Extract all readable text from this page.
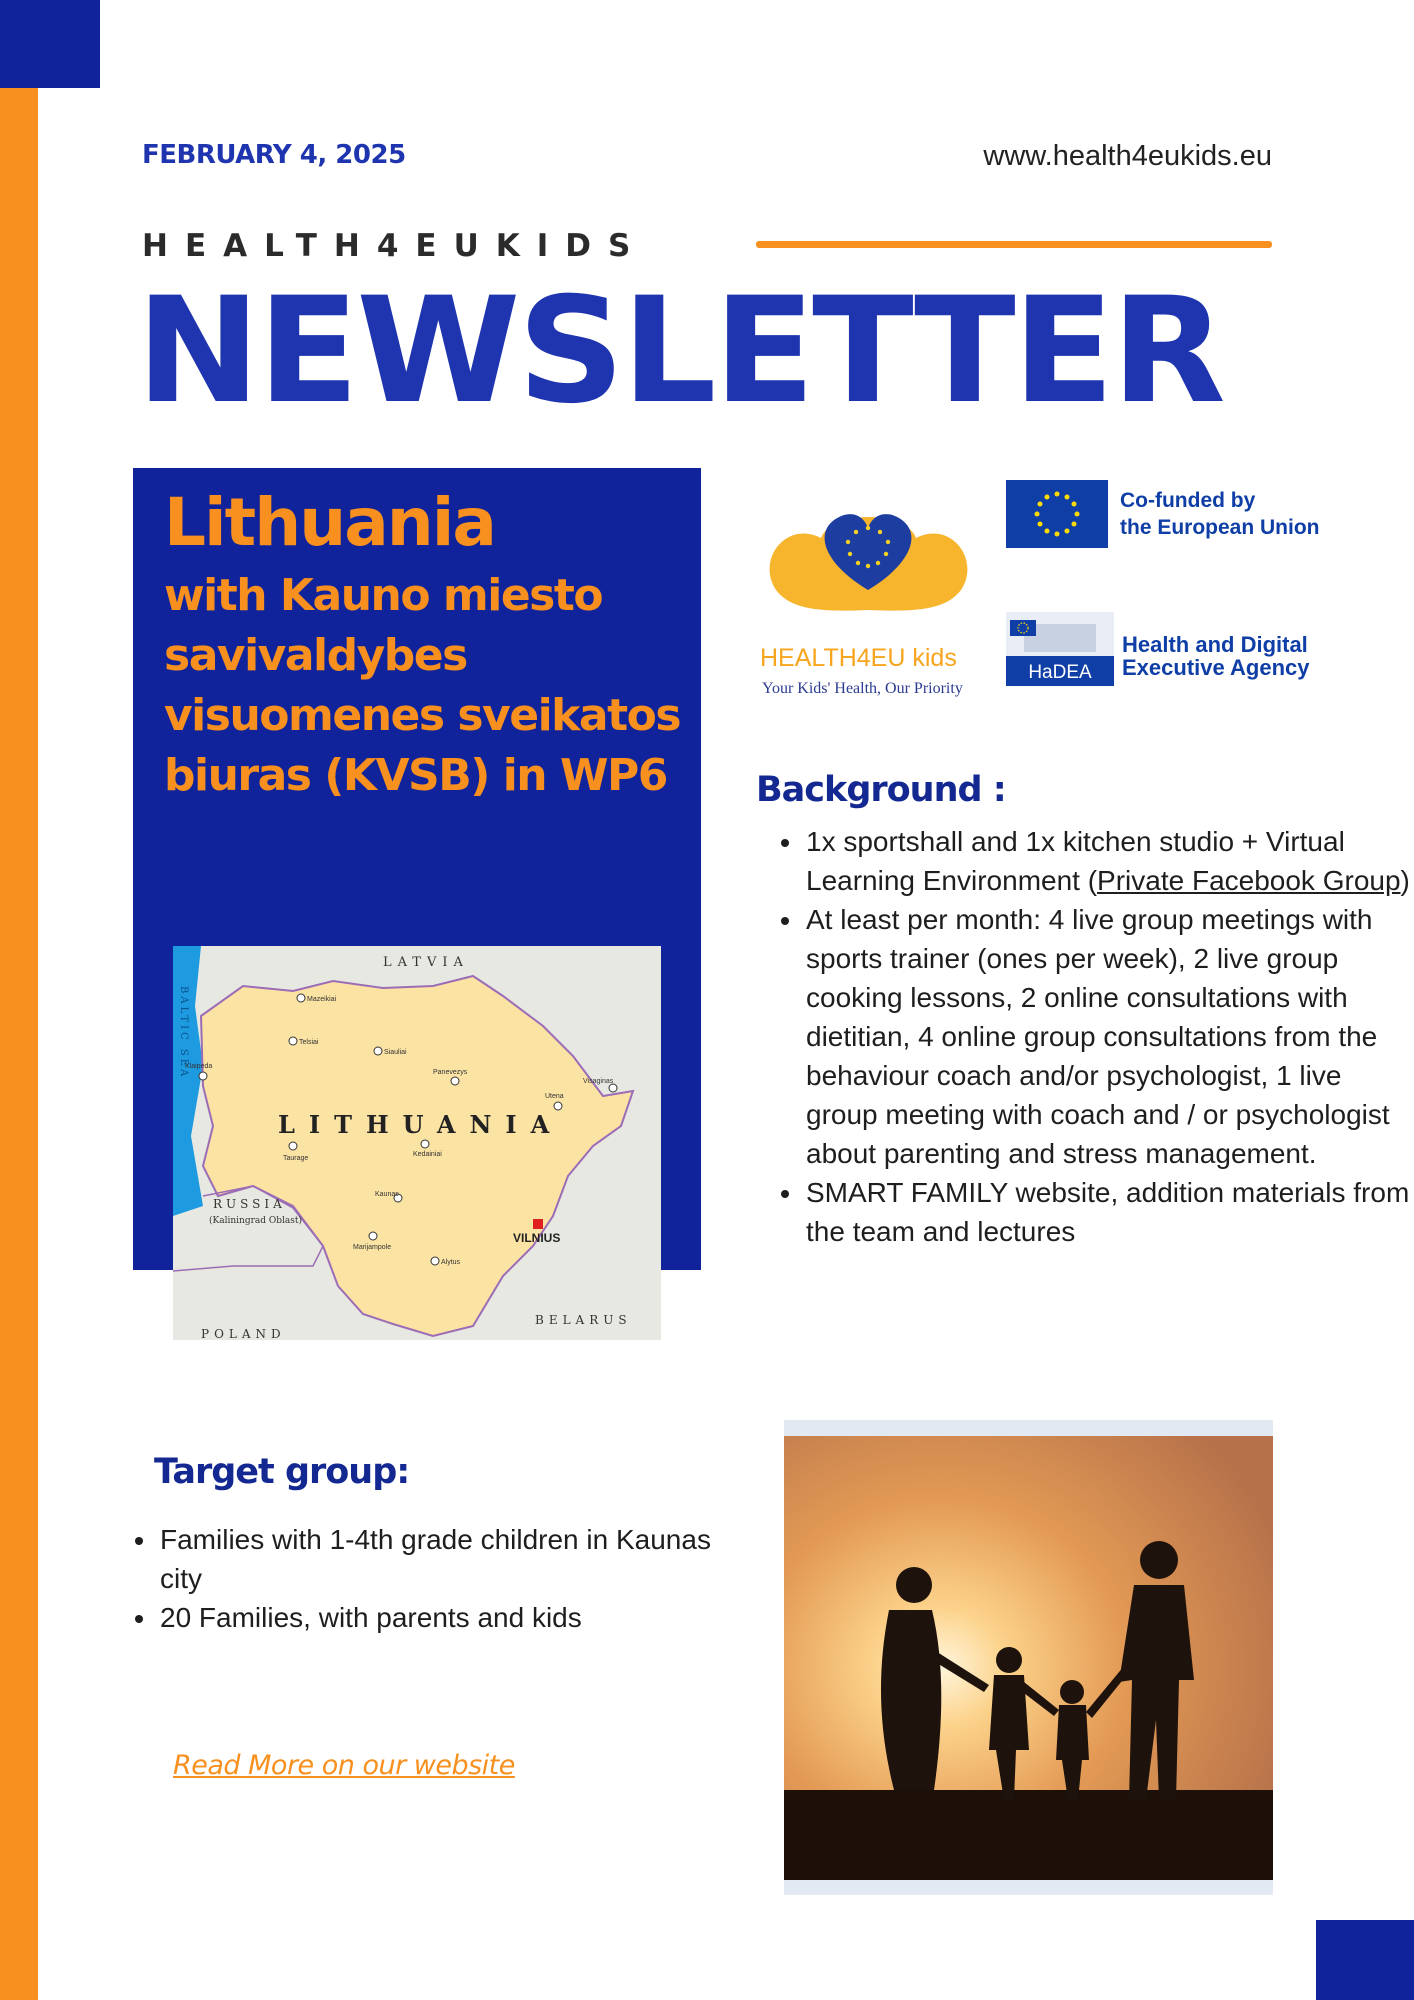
FEBRUARY 4, 2025	www.health4eukids.eu
HEALTH4EUKIDS
NEWSLETTER
Lithuania
with Kauno miesto savivaldybes visuomenes sveikatos biuras (KVSB) in WP6
LATVIA
LITHUANIA
RUSSIA
(Kaliningrad Oblast)
BELARUS
POLAND
VILNIUS
BALTIC SEA	Mazeikiai
Siauliai
Panevezys
Utena
Klaipeda
Taurage
Kaunas
Kedainiai
Marijampole
Alytus
Telsiai
Visaginas
HEALTH4EU kids
Your Kids' Health, Our Priority
Co-funded by
the European Union
HaDEA
Health and Digital
Executive Agency
Background :
• 1x sportshall and 1x kitchen studio + Virtual Learning Environment (Private Facebook Group)
• At least per month: 4 live group meetings with sports trainer (ones per week), 2 live group cooking lessons, 2 online consultations with dietitian, 4 online group consultations from the behaviour coach and/or psychologist, 1 live group meeting with coach and / or psychologist about parenting and stress management.
• SMART FAMILY website, addition materials from the team and lectures
Target group:
• Families with 1-4th grade children in Kaunas city
• 20 Families, with parents and kids
Read More on our website
